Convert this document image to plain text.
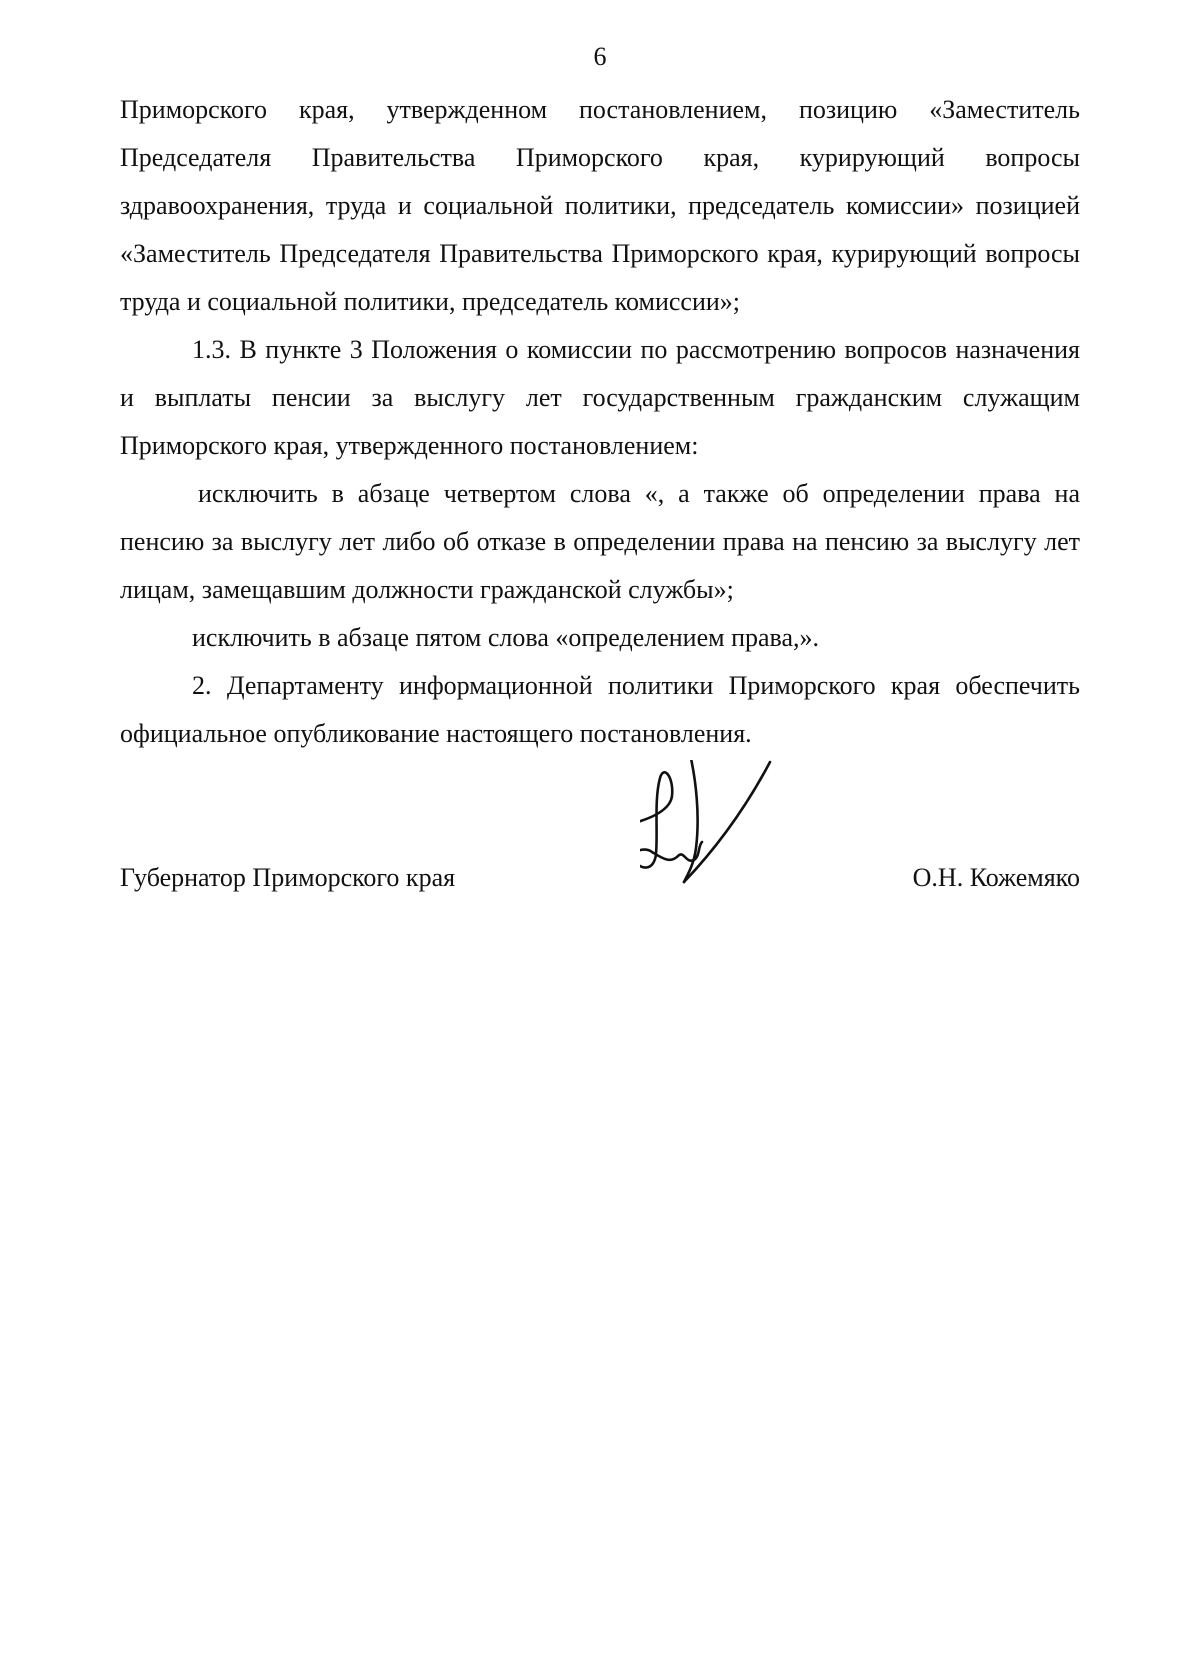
6

Приморского края, утвержденном постановлением, позицию «Заместитель Председателя Правительства Приморского края, курирующий вопросы здравоохранения, труда и социальной политики, председатель комиссии» позицией «Заместитель Председателя Правительства Приморского края, курирующий вопросы труда и социальной политики, председатель комиссии»;

1.3. В пункте 3 Положения о комиссии по рассмотрению вопросов назначения и выплаты пенсии за выслугу лет государственным гражданским служащим Приморского края, утвержденного постановлением:

исключить в абзаце четвертом слова «, а также об определении права на пенсию за выслугу лет либо об отказе в определении права на пенсию за выслугу лет лицам, замещавшим должности гражданской службы»;

исключить в абзаце пятом слова «определением права,».

2. Департаменту информационной политики Приморского края обеспечить официальное опубликование настоящего постановления.

Губернатор Приморского края	О.Н. Кожемяко
